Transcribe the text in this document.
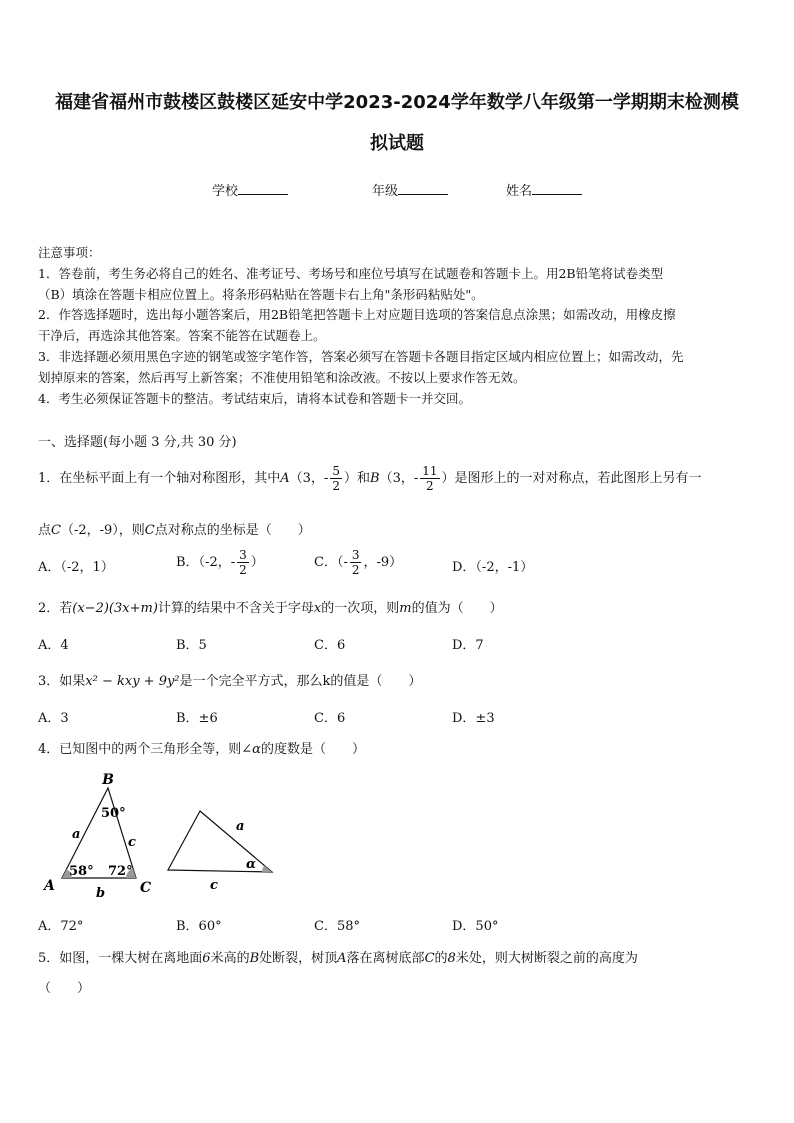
福建省福州市鼓楼区鼓楼区延安中学2023-2024学年数学八年级第一学期期末检测模
拟试题
学校	年级	姓名
注意事项：
1．答卷前，考生务必将自己的姓名、准考证号、考场号和座位号填写在试题卷和答题卡上。用2B铅笔将试卷类型
（B）填涂在答题卡相应位置上。将条形码粘贴在答题卡右上角"条形码粘贴处"。
2．作答选择题时，选出每小题答案后，用2B铅笔把答题卡上对应题目选项的答案信息点涂黑；如需改动，用橡皮擦
干净后，再选涂其他答案。答案不能答在试题卷上。
3．非选择题必须用黑色字迹的钢笔或签字笔作答，答案必须写在答题卡各题目指定区域内相应位置上；如需改动，先
划掉原来的答案，然后再写上新答案；不准使用铅笔和涂改液。不按以上要求作答无效。
4．考生必须保证答题卡的整洁。考试结束后，请将本试卷和答题卡一并交回。
一、选择题(每小题 3 分,共 30 分)
1．在坐标平面上有一个轴对称图形，其中A（3，- $\frac{5}{2}$ ）和B（3，- $\frac{11}{2}$ ）是图形上的一对对称点，若此图形上另有一
点C（-2，-9），则C点对称点的坐标是（　　）
A．（-2，1）	B．（-2，- $\frac{3}{2}$ ）	C．（- $\frac{3}{2}$ ，-9）	D．（-2，-1）
2．若(x−2)(3x+m)计算的结果中不含关于字母x的一次项，则m的值为（　　）
A．4	B．5	C．6	D．7
3．如果x² − kxy + 9y²是一个完全平方式，那么k的值是（　　）
A．3	B．±6	C．6	D．±3
4．已知图中的两个三角形全等，则∠α的度数是（　　）
B
A	C
a
c
b
50°
58° 72°
a
c
α
A．72°	B．60°	C．58°	D．50°
5．如图，一棵大树在离地面6米高的B处断裂，树顶A落在离树底部C的8米处，则大树断裂之前的高度为
（　　）
